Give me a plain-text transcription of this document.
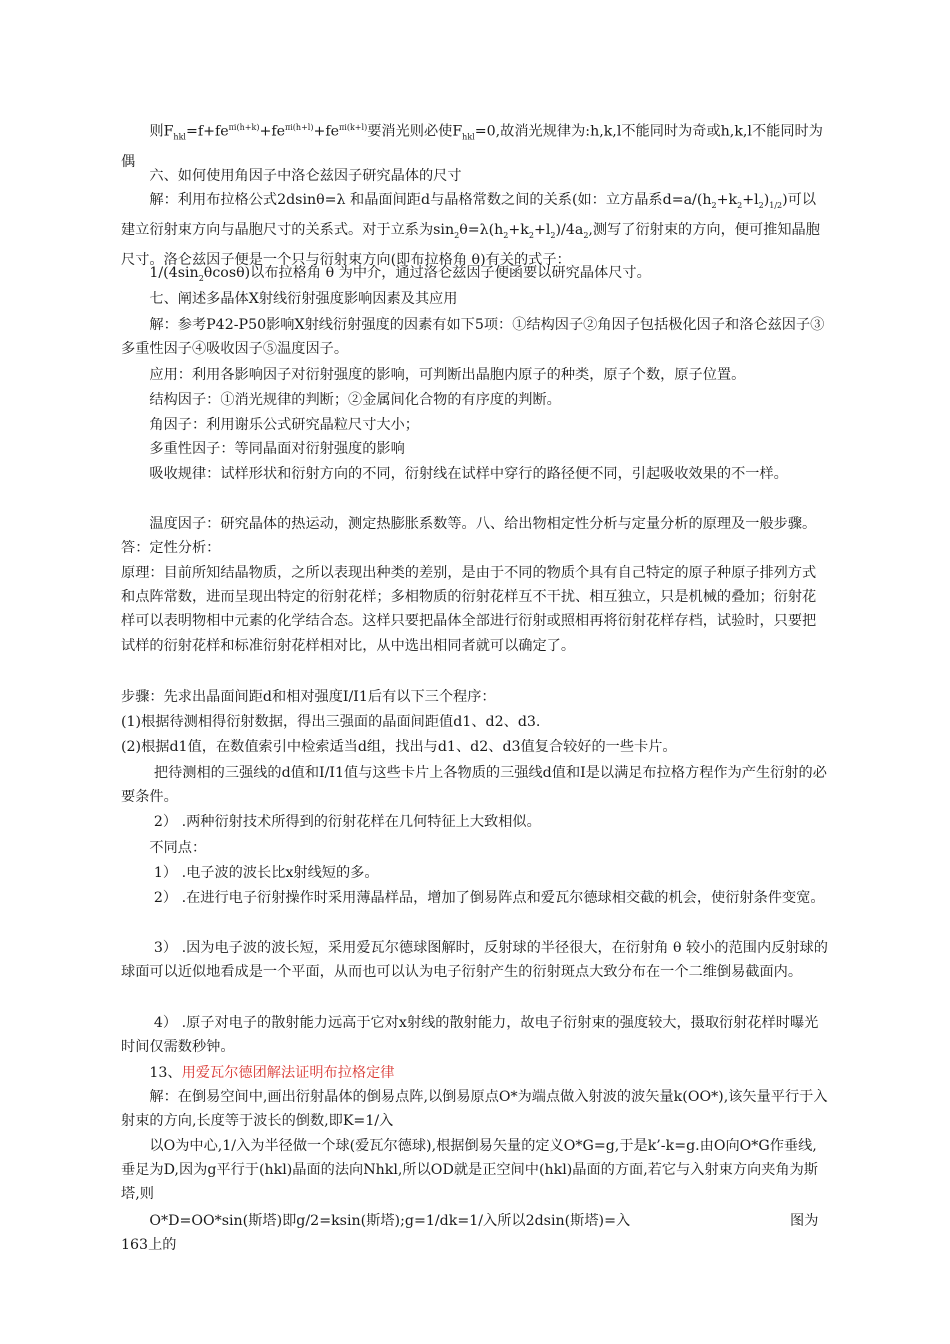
　　则$F_{hkl}=f+fe^{\pi i(h+k)}+fe^{\pi i(h+l)}+fe^{\pi i(k+l)}$要消光则必使$F_{hkl}=0$,故消光规律为:h,k,l不能同时为奇或h,k,l不能同时为偶

　　六、如何使用角因子中洛仑兹因子研究晶体的尺寸

　　解：利用布拉格公式2dsinθ=λ 和晶面间距d与晶格常数之间的关系(如：立方晶系$d=a/(h_2+k_2+l_2)_{1/2}$)可以建立衍射束方向与晶胞尺寸的关系式。对于立系为$\sin_2\theta=\lambda(h_2+k_2+l_2)/4a_2$,测写了衍射束的方向，便可推知晶胞尺寸。洛仑兹因子便是一个只与衍射束方向(即布拉格角 θ)有关的式子：

　　$1/(4\sin_2\theta\cos\theta)$以布拉格角 θ 为中介，通过洛仑兹因子便函要以研究晶体尺寸。

　　七、阐述多晶体X射线衍射强度影响因素及其应用

　　解：参考P42-P50影响X射线衍射强度的因素有如下5项：①结构因子②角因子包括极化因子和洛仑兹因子③多重性因子④吸收因子⑤温度因子。

　　应用：利用各影响因子对衍射强度的影响，可判断出晶胞内原子的种类，原子个数，原子位置。

　　结构因子：①消光规律的判断；②金属间化合物的有序度的判断。

　　角因子：利用谢乐公式研究晶粒尺寸大小；

　　多重性因子：等同晶面对衍射强度的影响

　　吸收规律：试样形状和衍射方向的不同，衍射线在试样中穿行的路径便不同，引起吸收效果的不一样。

　　温度因子：研究晶体的热运动，测定热膨胀系数等。八、给出物相定性分析与定量分析的原理及一般步骤。答：定性分析：

原理：目前所知结晶物质，之所以表现出种类的差别，是由于不同的物质个具有自己特定的原子种原子排列方式和点阵常数，进而呈现出特定的衍射花样；多相物质的衍射花样互不干扰、相互独立，只是机械的叠加；衍射花样可以表明物相中元素的化学结合态。这样只要把晶体全部进行衍射或照相再将衍射花样存档，试验时，只要把试样的衍射花样和标准衍射花样相对比，从中选出相同者就可以确定了。

步骤：先求出晶面间距d和相对强度I/I1后有以下三个程序：

(1)根据待测相得衍射数据，得出三强面的晶面间距值d1、d2、d3.

(2)根据d1值，在数值索引中检索适当d组，找出与d1、d2、d3值复合较好的一些卡片。

　　 把待测相的三强线的d值和I/I1值与这些卡片上各物质的三强线d值和I是以满足布拉格方程作为产生衍射的必要条件。

　　 2） .两种衍射技术所得到的衍射花样在几何特征上大致相似。

　　不同点：

　　 1） .电子波的波长比x射线短的多。

　　 2） .在进行电子衍射操作时采用薄晶样品，增加了倒易阵点和爱瓦尔德球相交截的机会，使衍射条件变宽。

　　 3） .因为电子波的波长短，采用爱瓦尔德球图解时，反射球的半径很大，在衍射角 θ 较小的范围内反射球的球面可以近似地看成是一个平面，从而也可以认为电子衍射产生的衍射斑点大致分布在一个二维倒易截面内。

　　 4） .原子对电子的散射能力远高于它对x射线的散射能力，故电子衍射束的强度较大，摄取衍射花样时曝光时间仅需数秒钟。

　　13、用爱瓦尔德团解法证明布拉格定律

　　解：在倒易空间中,画出衍射晶体的倒易点阵,以倒易原点O*为端点做入射波的波矢量k(OO*),该矢量平行于入射束的方向,长度等于波长的倒数,即K=1/入

　　以O为中心,1/入为半径做一个球(爱瓦尔德球),根据倒易矢量的定义O*G=g,于是k’-k=g.由O向O*G作垂线,垂足为D,因为g平行于(hkl)晶面的法向Nhkl,所以OD就是正空间中(hkl)晶面的方面,若它与入射束方向夹角为斯塔,则

　　O*D=OO*sin(斯塔)即g/2=ksin(斯塔);g=1/dk=1/入所以2dsin(斯塔)=入	图为

163上的
